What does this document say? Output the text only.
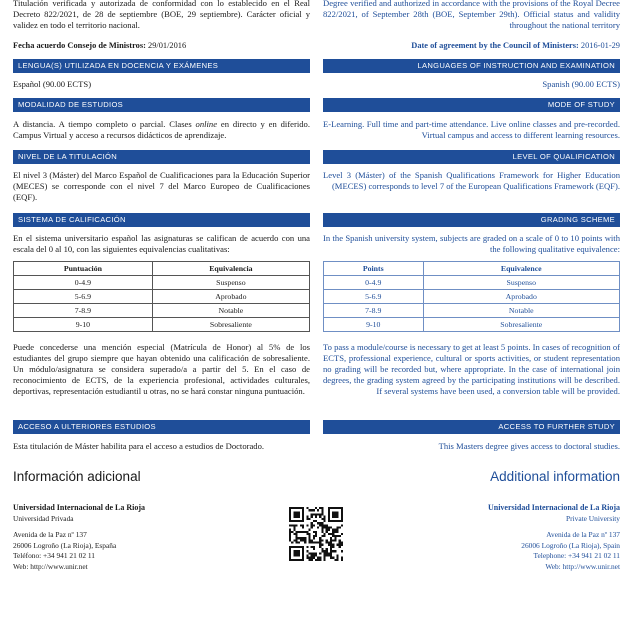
Titulación verificada y autorizada de conformidad con lo establecido en el Real Decreto 822/2021, de 28 de septiembre (BOE, 29 septiembre). Carácter oficial y validez en todo el territorio nacional.

Fecha acuerdo Consejo de Ministros: 29/01/2016

LENGUA(S) UTILIZADA EN DOCENCIA Y EXÁMENES

Español (90.00 ECTS)

MODALIDAD DE ESTUDIOS

A distancia. A tiempo completo o parcial. Clases online en directo y en diferido. Campus Virtual y acceso a recursos didácticos de aprendizaje.

NIVEL DE LA TITULACIÓN

El nivel 3 (Máster) del Marco Español de Cualificaciones para la Educación Superior (MECES) se corresponde con el nivel 7 del Marco Europeo de Cualificaciones (EQF).

SISTEMA DE CALIFICACIÓN

En el sistema universitario español las asignaturas se califican de acuerdo con una escala del 0 al 10, con las siguientes equivalencias cualitativas:

Puntuación	Equivalencia
0-4.9	Suspenso
5-6.9	Aprobado
7-8.9	Notable
9-10	Sobresaliente

Puede concederse una mención especial (Matrícula de Honor) al 5% de los estudiantes del grupo siempre que hayan obtenido una calificación de sobresaliente. Un módulo/asignatura se considera superado/a a partir del 5. En el caso de reconocimiento de ECTS, de la experiencia profesional, actividades culturales, deportivas, representación estudiantil u otras, no se hará constar ninguna puntuación.

ACCESO A ULTERIORES ESTUDIOS

Esta titulación de Máster habilita para el acceso a estudios de Doctorado.

Información adicional

Universidad Internacional de La Rioja

Universidad Privada

Avenida de la Paz nº 137

26006 Logroño (La Rioja), España

Teléfono: +34 941 21 02 11

Web: http://www.unir.net

Degree verified and authorized in accordance with the provisions of the Royal Decree 822/2021, of September 28th (BOE, September 29th). Official status and validity throughout the national territory

Date of agreement by the Council of Ministers: 2016-01-29

LANGUAGES OF INSTRUCTION AND EXAMINATION

Spanish (90.00 ECTS)

MODE OF STUDY

E-Learning. Full time and part-time attendance. Live online classes and pre-recorded. Virtual campus and access to different learning resources.

LEVEL OF QUALIFICATION

Level 3 (Máster) of the Spanish Qualifications Framework for Higher Education (MECES) corresponds to level 7 of the European Qualifications Framework (EQF).

GRADING SCHEME

In the Spanish university system, subjects are graded on a scale of 0 to 10 points with the following qualitative equivalence:

Points	Equivalence
0-4.9	Suspenso
5-6.9	Aprobado
7-8.9	Notable
9-10	Sobresaliente

To pass a module/course is necessary to get at least 5 points. In cases of recognition of ECTS, professional experience, cultural or sports activities, or student representation no grading will be recorded but, where appropriate. In the case of international join degrees, the grading system agreed by the participating institutions will be described. If several systems have been used, a conversion table will be provided.

ACCESS TO FURTHER STUDY

This Masters degree gives access to doctoral studies.

Additional information

Universidad Internacional de La Rioja

Private University

Avenida de la Paz nº 137

26006 Logroño (La Rioja), Spain

Telephone: +34 941 21 02 11

Web: http://www.unir.net
